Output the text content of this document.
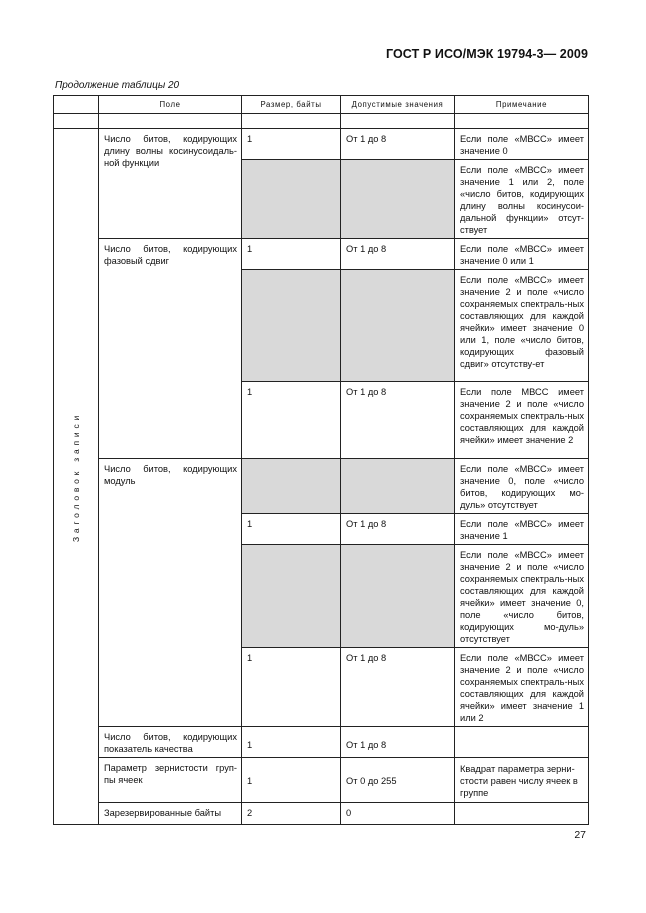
ГОСТ Р ИСО/МЭК 19794-3— 2009
Продолжение таблицы 20
	Поле	Размер, байты	Допустимые значения	Примечание

Заголовок записи	Число битов, кодирующих длину волны косинусоидаль-ной функции	1	От 1 до 8	Если поле «МВСС» имеет значение 0
				Если поле «МВСС» имеет значение 1 или 2, поле «число битов, кодирующих длину волны косинусои-дальной функции» отсут-ствует
	Число битов, кодирующих фазовый сдвиг	1	От 1 до 8	Если поле «МВСС» имеет значение 0 или 1
				Если поле «МВСС» имеет значение 2 и поле «число сохраняемых спектраль-ных составляющих для каждой ячейки» имеет значение 0 или 1, поле «число битов, кодирующих фазовый сдвиг» отсутству-ет
		1	От 1 до 8	Если поле МВСС имеет значение 2 и поле «число сохраняемых спектраль-ных составляющих для каждой ячейки» имеет значение 2
	Число битов, кодирующих модуль			Если поле «МВСС» имеет значение 0, поле «число битов, кодирующих мо-дуль» отсутствует
		1	От 1 до 8	Если поле «МВСС» имеет значение 1
				Если поле «МВСС» имеет значение 2 и поле «число сохраняемых спектраль-ных составляющих для каждой ячейки» имеет значение 0, поле «число битов, кодирующих мо-дуль» отсутствует
		1	От 1 до 8	Если поле «МВСС» имеет значение 2 и поле «число сохраняемых спектраль-ных составляющих для каждой ячейки» имеет значение 1 или 2
	Число битов, кодирующих показатель качества	1	От 1 до 8	
	Параметр зернистости груп-пы ячеек	1	От 0 до 255	Квадрат параметра зерни-стости равен числу ячеек в группе
	Зарезервированные байты	2	0	
27
